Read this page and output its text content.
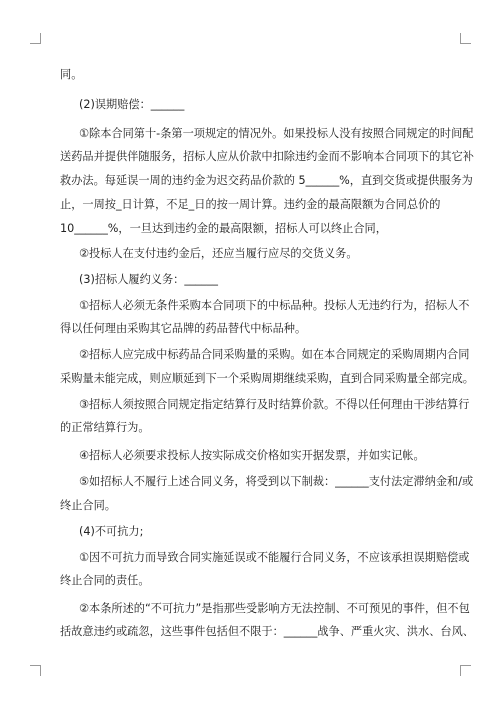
同。
(2)误期赔偿：______
①除本合同第十-条第一项规定的情况外。如果投标人没有按照合同规定的时间配
送药品并提供伴随服务，招标人应从价款中扣除违约金而不影响本合同项下的其它补
救办法。每延误一周的违约金为迟交药品价款的 5______%，直到交货或提供服务为
止，一周按_日计算，不足_日的按一周计算。违约金的最高限额为合同总价的
10______%，一旦达到违约金的最高限额，招标人可以终止合同，
②投标人在支付违约金后，还应当履行应尽的交货义务。
(3)招标人履约义务：______
①招标人必须无条件采购本合同项下的中标品种。投标人无违约行为，招标人不
得以任何理由采购其它品牌的药品替代中标品种。
②招标人应完成中标药品合同采购量的采购。如在本合同规定的采购周期内合同
采购量未能完成，则应顺延到下一个采购周期继续采购，直到合同采购量全部完成。
③招标人须按照合同规定指定结算行及时结算价款。不得以任何理由干涉结算行
的正常结算行为。
④招标人必须要求投标人按实际成交价格如实开据发票，并如实记帐。
⑤如招标人不履行上述合同义务，将受到以下制裁：______支付法定滞纳金和/或
终止合同。
(4)不可抗力;
①因不可抗力而导致合同实施延误或不能履行合同义务，不应该承担误期赔偿或
终止合同的责任。
②本条所述的“不可抗力”是指那些受影响方无法控制、不可预见的事件，但不包
括故意违约或疏忽，这些事件包括但不限于：______战争、严重火灾、洪水、台风、
